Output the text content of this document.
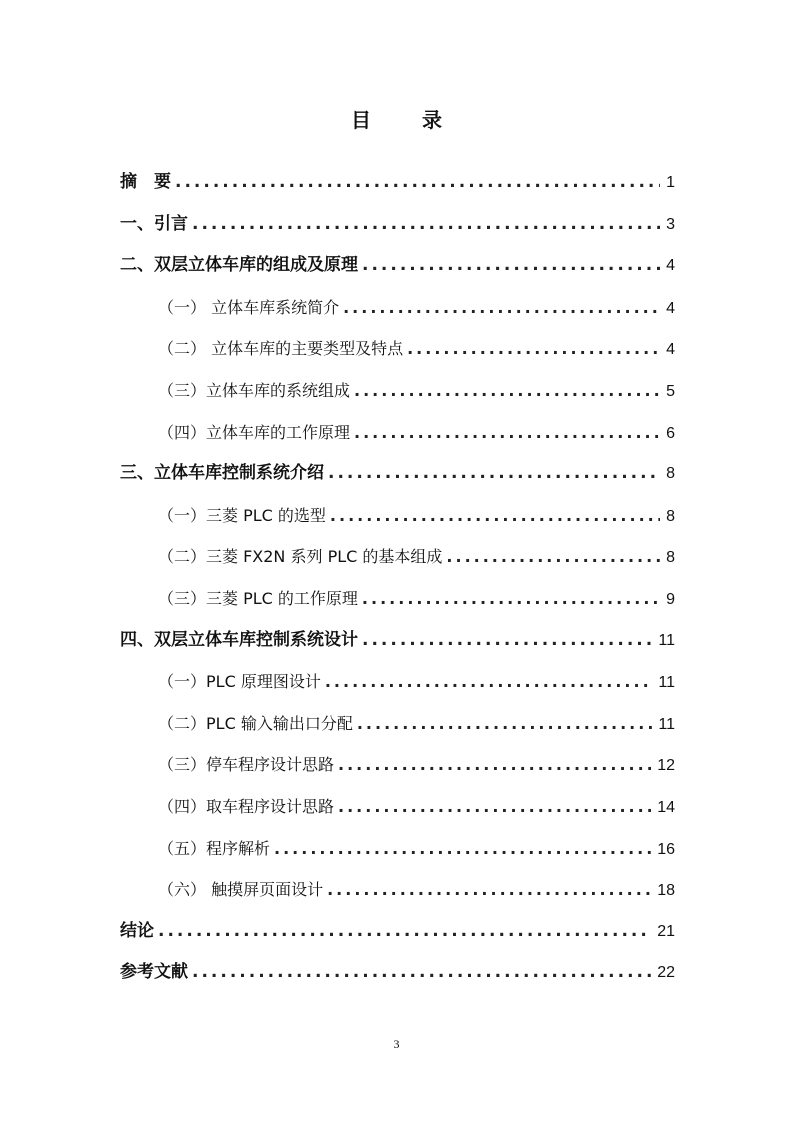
目 录
摘　要 .....	1
一、引言 .....	3
二、双层立体车库的组成及原理 .....	4
（一） 立体车库系统简介 .....	4
（二） 立体车库的主要类型及特点 .....	4
（三）立体车库的系统组成 .....	5
（四）立体车库的工作原理 .....	6
三、立体车库控制系统介绍 .....	8
（一）三菱 PLC 的选型 .....	8
（二）三菱 FX2N 系列 PLC 的基本组成 .....	8
（三）三菱 PLC 的工作原理 .....	9
四、双层立体车库控制系统设计 .....	11
（一）PLC 原理图设计 .....	11
（二）PLC 输入输出口分配 .....	11
（三）停车程序设计思路 .....	12
（四）取车程序设计思路 .....	14
（五）程序解析 .....	16
（六） 触摸屏页面设计 .....	18
结论 .....	21
参考文献 .....	22
3
